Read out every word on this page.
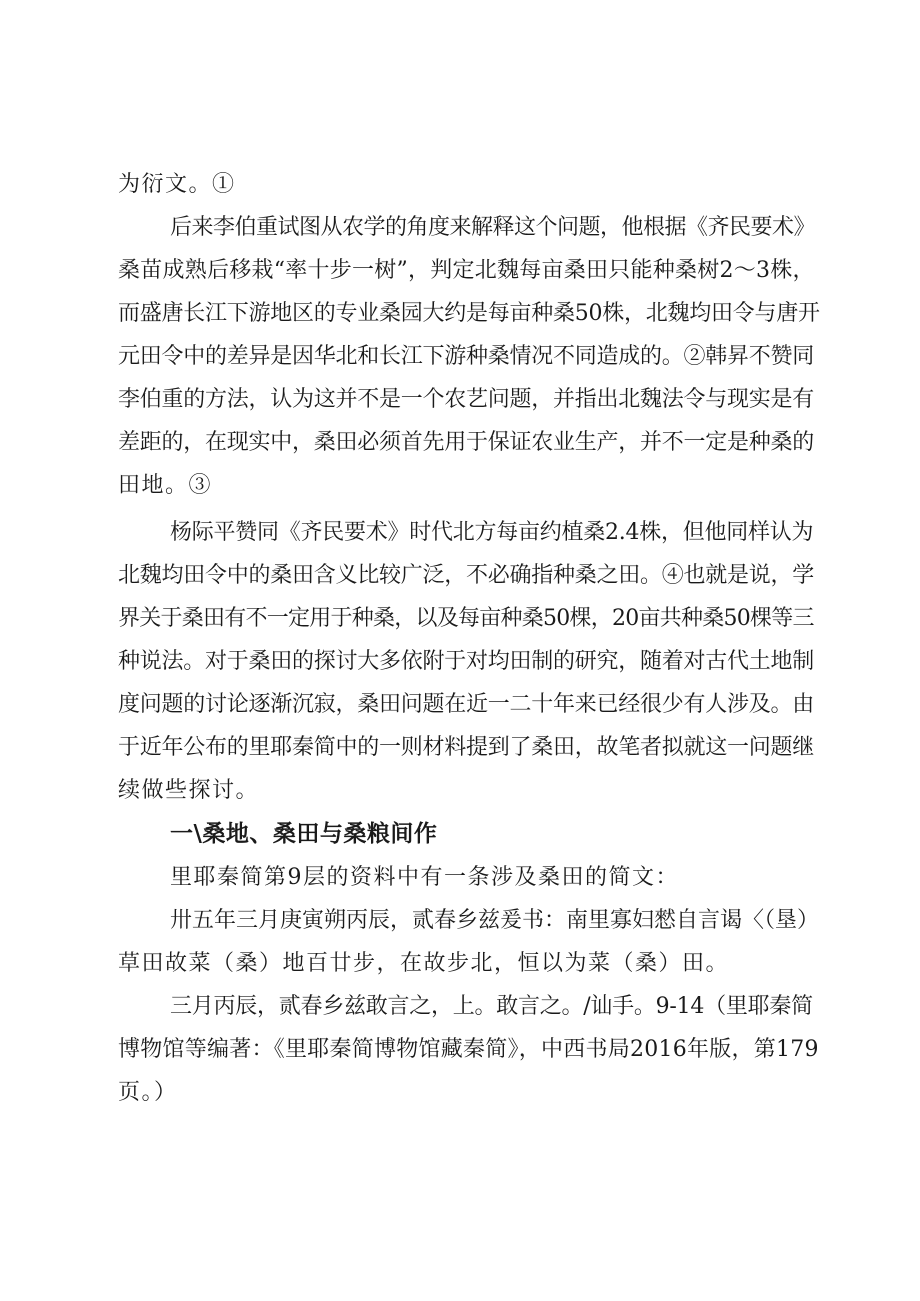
为衍文。①
后来李伯重试图从农学的角度来解释这个问题，他根据《齐民要术》
桑苗成熟后移栽“率十步一树”，判定北魏每亩桑田只能种桑树2～3株，
而盛唐长江下游地区的专业桑园大约是每亩种桑50株，北魏均田令与唐开
元田令中的差异是因华北和长江下游种桑情况不同造成的。②韩昇不赞同
李伯重的方法，认为这并不是一个农艺问题，并指出北魏法令与现实是有
差距的，在现实中，桑田必须首先用于保证农业生产，并不一定是种桑的
田地。③
杨际平赞同《齐民要术》时代北方每亩约植桑2.4株，但他同样认为
北魏均田令中的桑田含义比较广泛，不必确指种桑之田。④也就是说，学
界关于桑田有不一定用于种桑，以及每亩种桑50棵，20亩共种桑50棵等三
种说法。对于桑田的探讨大多依附于对均田制的研究，随着对古代土地制
度问题的讨论逐渐沉寂，桑田问题在近一二十年来已经很少有人涉及。由
于近年公布的里耶秦简中的一则材料提到了桑田，故笔者拟就这一问题继
续做些探讨。
一\桑地、桑田与桑粮间作
里耶秦简第9层的资料中有一条涉及桑田的简文：
卅五年三月庚寅朔丙辰，贰春乡兹爰书：南里寡妇憖自言谒〈（垦）
草田故菜（桑）地百廿步，在故步北，恒以为菜（桑）田。
三月丙辰，贰春乡兹敢言之，上。敢言之。/讪手。9-14（里耶秦简
博物馆等编著：《里耶秦简博物馆藏秦简》，中西书局2016年版，第179
页。）
